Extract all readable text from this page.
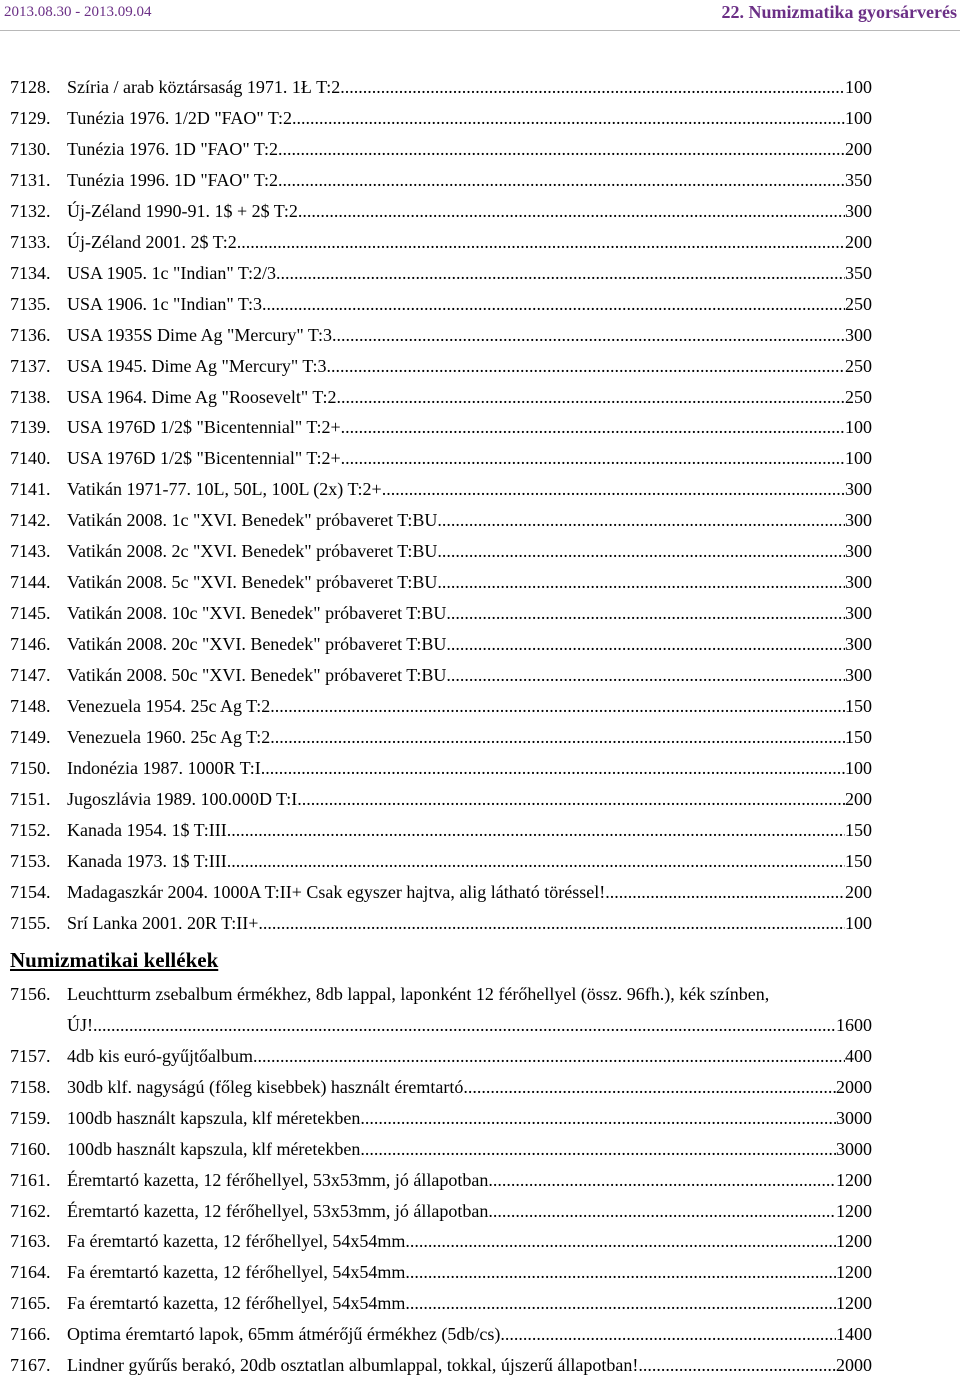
2013.08.30 - 2013.09.04	22. Numizmatika gyorsárverés
7128. Szíria / arab köztársaság 1971. 1Ł T:2 .....	100
7129. Tunézia 1976. 1/2D "FAO" T:2 .....	100
7130. Tunézia 1976. 1D "FAO" T:2 .....	200
7131. Tunézia 1996. 1D "FAO" T:2 .....	350
7132. Új-Zéland 1990-91. 1$ + 2$ T:2 .....	300
7133. Új-Zéland 2001. 2$ T:2 .....	200
7134. USA 1905. 1c "Indian" T:2/3 .....	350
7135. USA 1906. 1c "Indian" T:3 .....	250
7136. USA 1935S Dime Ag "Mercury" T:3 .....	300
7137. USA 1945. Dime Ag "Mercury" T:3 .....	250
7138. USA 1964. Dime Ag "Roosevelt" T:2 .....	250
7139. USA 1976D 1/2$ "Bicentennial" T:2+ .....	100
7140. USA 1976D 1/2$ "Bicentennial" T:2+ .....	100
7141. Vatikán 1971-77. 10L, 50L, 100L (2x) T:2+ .....	300
7142. Vatikán 2008. 1c "XVI. Benedek" próbaveret T:BU .....	300
7143. Vatikán 2008. 2c "XVI. Benedek" próbaveret T:BU .....	300
7144. Vatikán 2008. 5c "XVI. Benedek" próbaveret T:BU .....	300
7145. Vatikán 2008. 10c "XVI. Benedek" próbaveret T:BU .....	300
7146. Vatikán 2008. 20c "XVI. Benedek" próbaveret T:BU .....	300
7147. Vatikán 2008. 50c "XVI. Benedek" próbaveret T:BU .....	300
7148. Venezuela 1954. 25c Ag T:2 .....	150
7149. Venezuela 1960. 25c Ag T:2 .....	150
7150. Indonézia 1987. 1000R T:I .....	100
7151. Jugoszlávia 1989. 100.000D T:I .....	200
7152. Kanada 1954. 1$ T:III .....	150
7153. Kanada 1973. 1$ T:III .....	150
7154. Madagaszkár 2004. 1000A T:II+ Csak egyszer hajtva, alig látható töréssel! .....	200
7155. Srí Lanka 2001. 20R T:II+ .....	100
Numizmatikai kellékek
7156. Leuchtturm zsebalbum érmékhez, 8db lappal, laponként 12 férőhellyel (össz. 96fh.), kék színben,
ÚJ! .....	1600
7157. 4db kis euró-gyűjtőalbum .....	400
7158. 30db klf. nagyságú (főleg kisebbek) használt éremtartó .....	2000
7159. 100db használt kapszula, klf méretekben .....	3000
7160. 100db használt kapszula, klf méretekben .....	3000
7161. Éremtartó kazetta, 12 férőhellyel, 53x53mm, jó állapotban .....	1200
7162. Éremtartó kazetta, 12 férőhellyel, 53x53mm, jó állapotban .....	1200
7163. Fa éremtartó kazetta, 12 férőhellyel, 54x54mm .....	1200
7164. Fa éremtartó kazetta, 12 férőhellyel, 54x54mm .....	1200
7165. Fa éremtartó kazetta, 12 férőhellyel, 54x54mm .....	1200
7166. Optima éremtartó lapok, 65mm átmérőjű érmékhez (5db/cs) .....	1400
7167. Lindner gyűrűs berakó, 20db osztatlan albumlappal, tokkal, újszerű állapotban! .....	2000
